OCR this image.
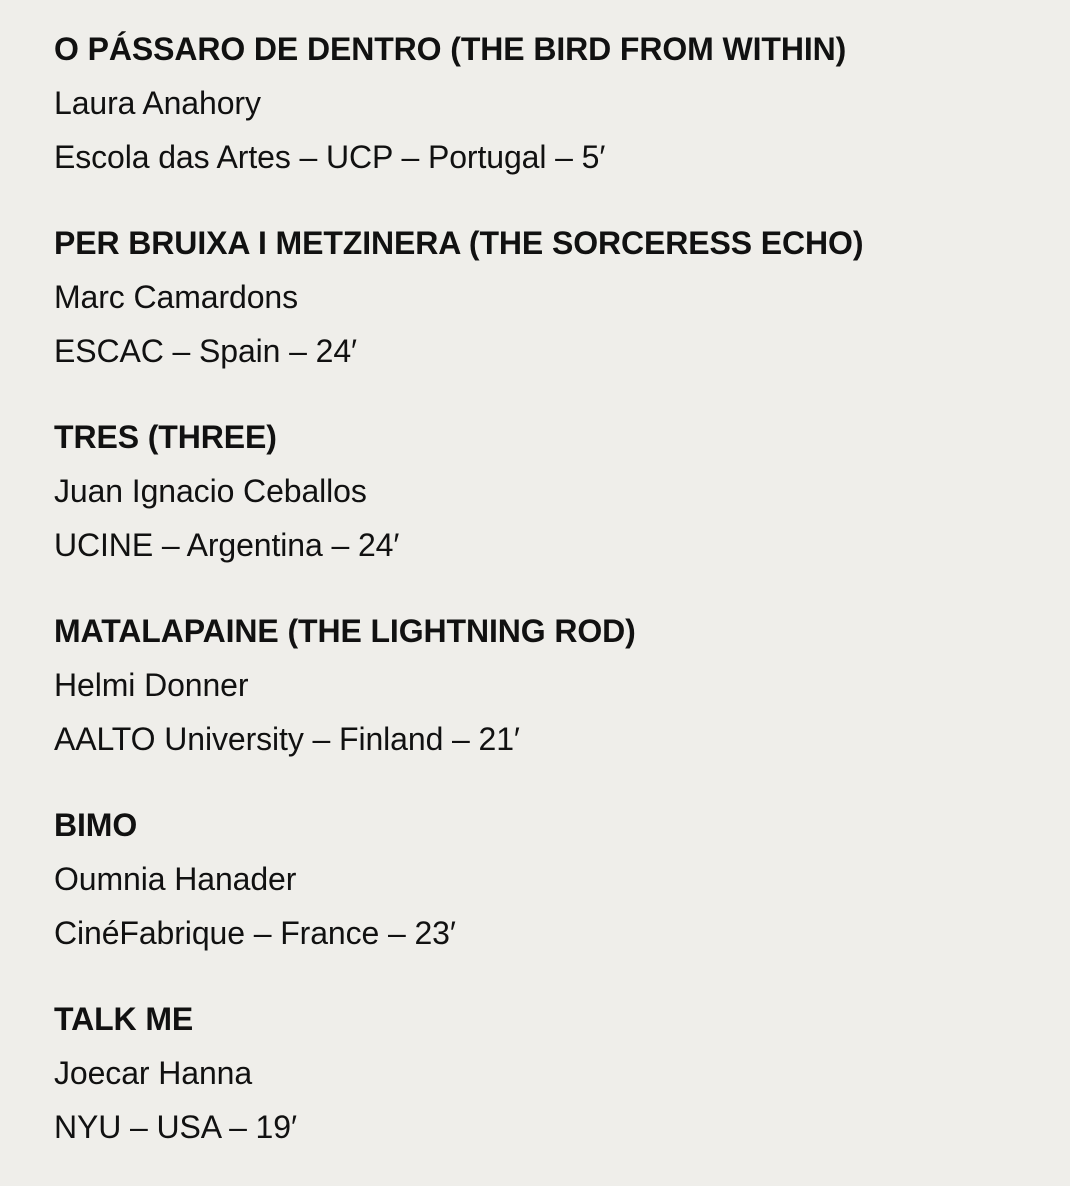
O PÁSSARO DE DENTRO (THE BIRD FROM WITHIN)
Laura Anahory
Escola das Artes – UCP – Portugal – 5′
PER BRUIXA I METZINERA (THE SORCERESS ECHO)
Marc Camardons
ESCAC – Spain – 24′
TRES (THREE)
Juan Ignacio Ceballos
UCINE – Argentina – 24′
MATALAPAINE (THE LIGHTNING ROD)
Helmi Donner
AALTO University – Finland – 21′
BIMO
Oumnia Hanader
CinéFabrique – France – 23′
TALK ME
Joecar Hanna
NYU – USA – 19′
